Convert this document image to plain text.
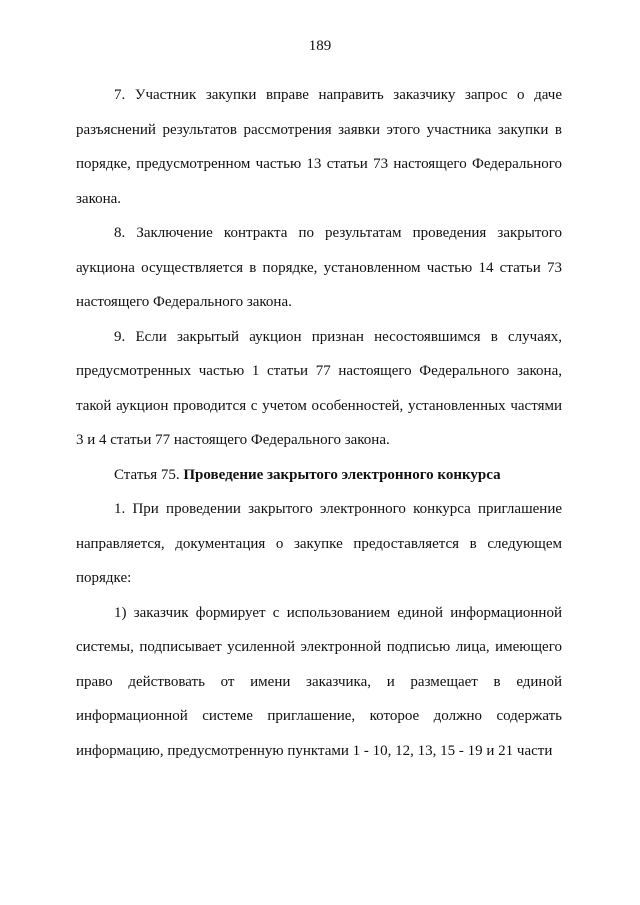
189

7. Участник закупки вправе направить заказчику запрос о даче разъяснений результатов рассмотрения заявки этого участника закупки в порядке, предусмотренном частью 13 статьи 73 настоящего Федерального закона.

8. Заключение контракта по результатам проведения закрытого аукциона осуществляется в порядке, установленном частью 14 статьи 73 настоящего Федерального закона.

9. Если закрытый аукцион признан несостоявшимся в случаях, предусмотренных частью 1 статьи 77 настоящего Федерального закона, такой аукцион проводится с учетом особенностей, установленных частями 3 и 4 статьи 77 настоящего Федерального закона.

Статья 75. Проведение закрытого электронного конкурса

1. При проведении закрытого электронного конкурса приглашение направляется, документация о закупке предоставляется в следующем порядке:

1) заказчик формирует с использованием единой информационной системы, подписывает усиленной электронной подписью лица, имеющего право действовать от имени заказчика, и размещает в единой информационной системе приглашение, которое должно содержать информацию, предусмотренную пунктами 1 - 10, 12, 13, 15 - 19 и 21 части
